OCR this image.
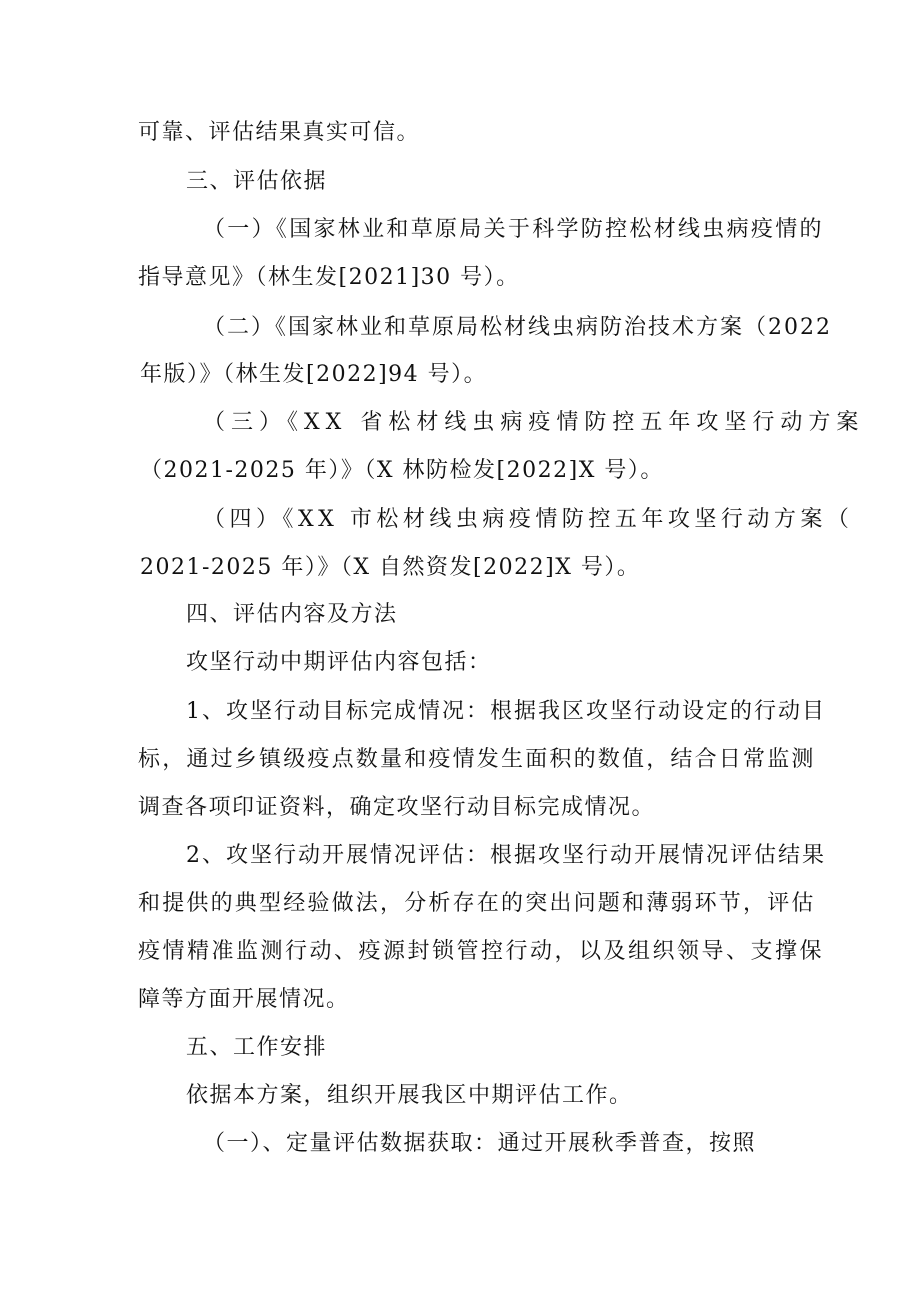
可靠、评估结果真实可信。
三、评估依据
（一）《国家林业和草原局关于科学防控松材线虫病疫情的
指导意见》（林生发[2021]30 号）。
（二）《国家林业和草原局松材线虫病防治技术方案（2022
年版）》（林生发[2022]94 号）。
（三）《XX 省松材线虫病疫情防控五年攻坚行动方案
（2021-2025 年）》（X 林防检发[2022]X 号）。
（四）《XX 市松材线虫病疫情防控五年攻坚行动方案（
2021-2025 年）》（X 自然资发[2022]X 号）。
四、评估内容及方法
攻坚行动中期评估内容包括：
1、攻坚行动目标完成情况：根据我区攻坚行动设定的行动目
标，通过乡镇级疫点数量和疫情发生面积的数值，结合日常监测
调查各项印证资料，确定攻坚行动目标完成情况。
2、攻坚行动开展情况评估：根据攻坚行动开展情况评估结果
和提供的典型经验做法，分析存在的突出问题和薄弱环节，评估
疫情精准监测行动、疫源封锁管控行动，以及组织领导、支撑保
障等方面开展情况。
五、工作安排
依据本方案，组织开展我区中期评估工作。
（一）、定量评估数据获取：通过开展秋季普查，按照
